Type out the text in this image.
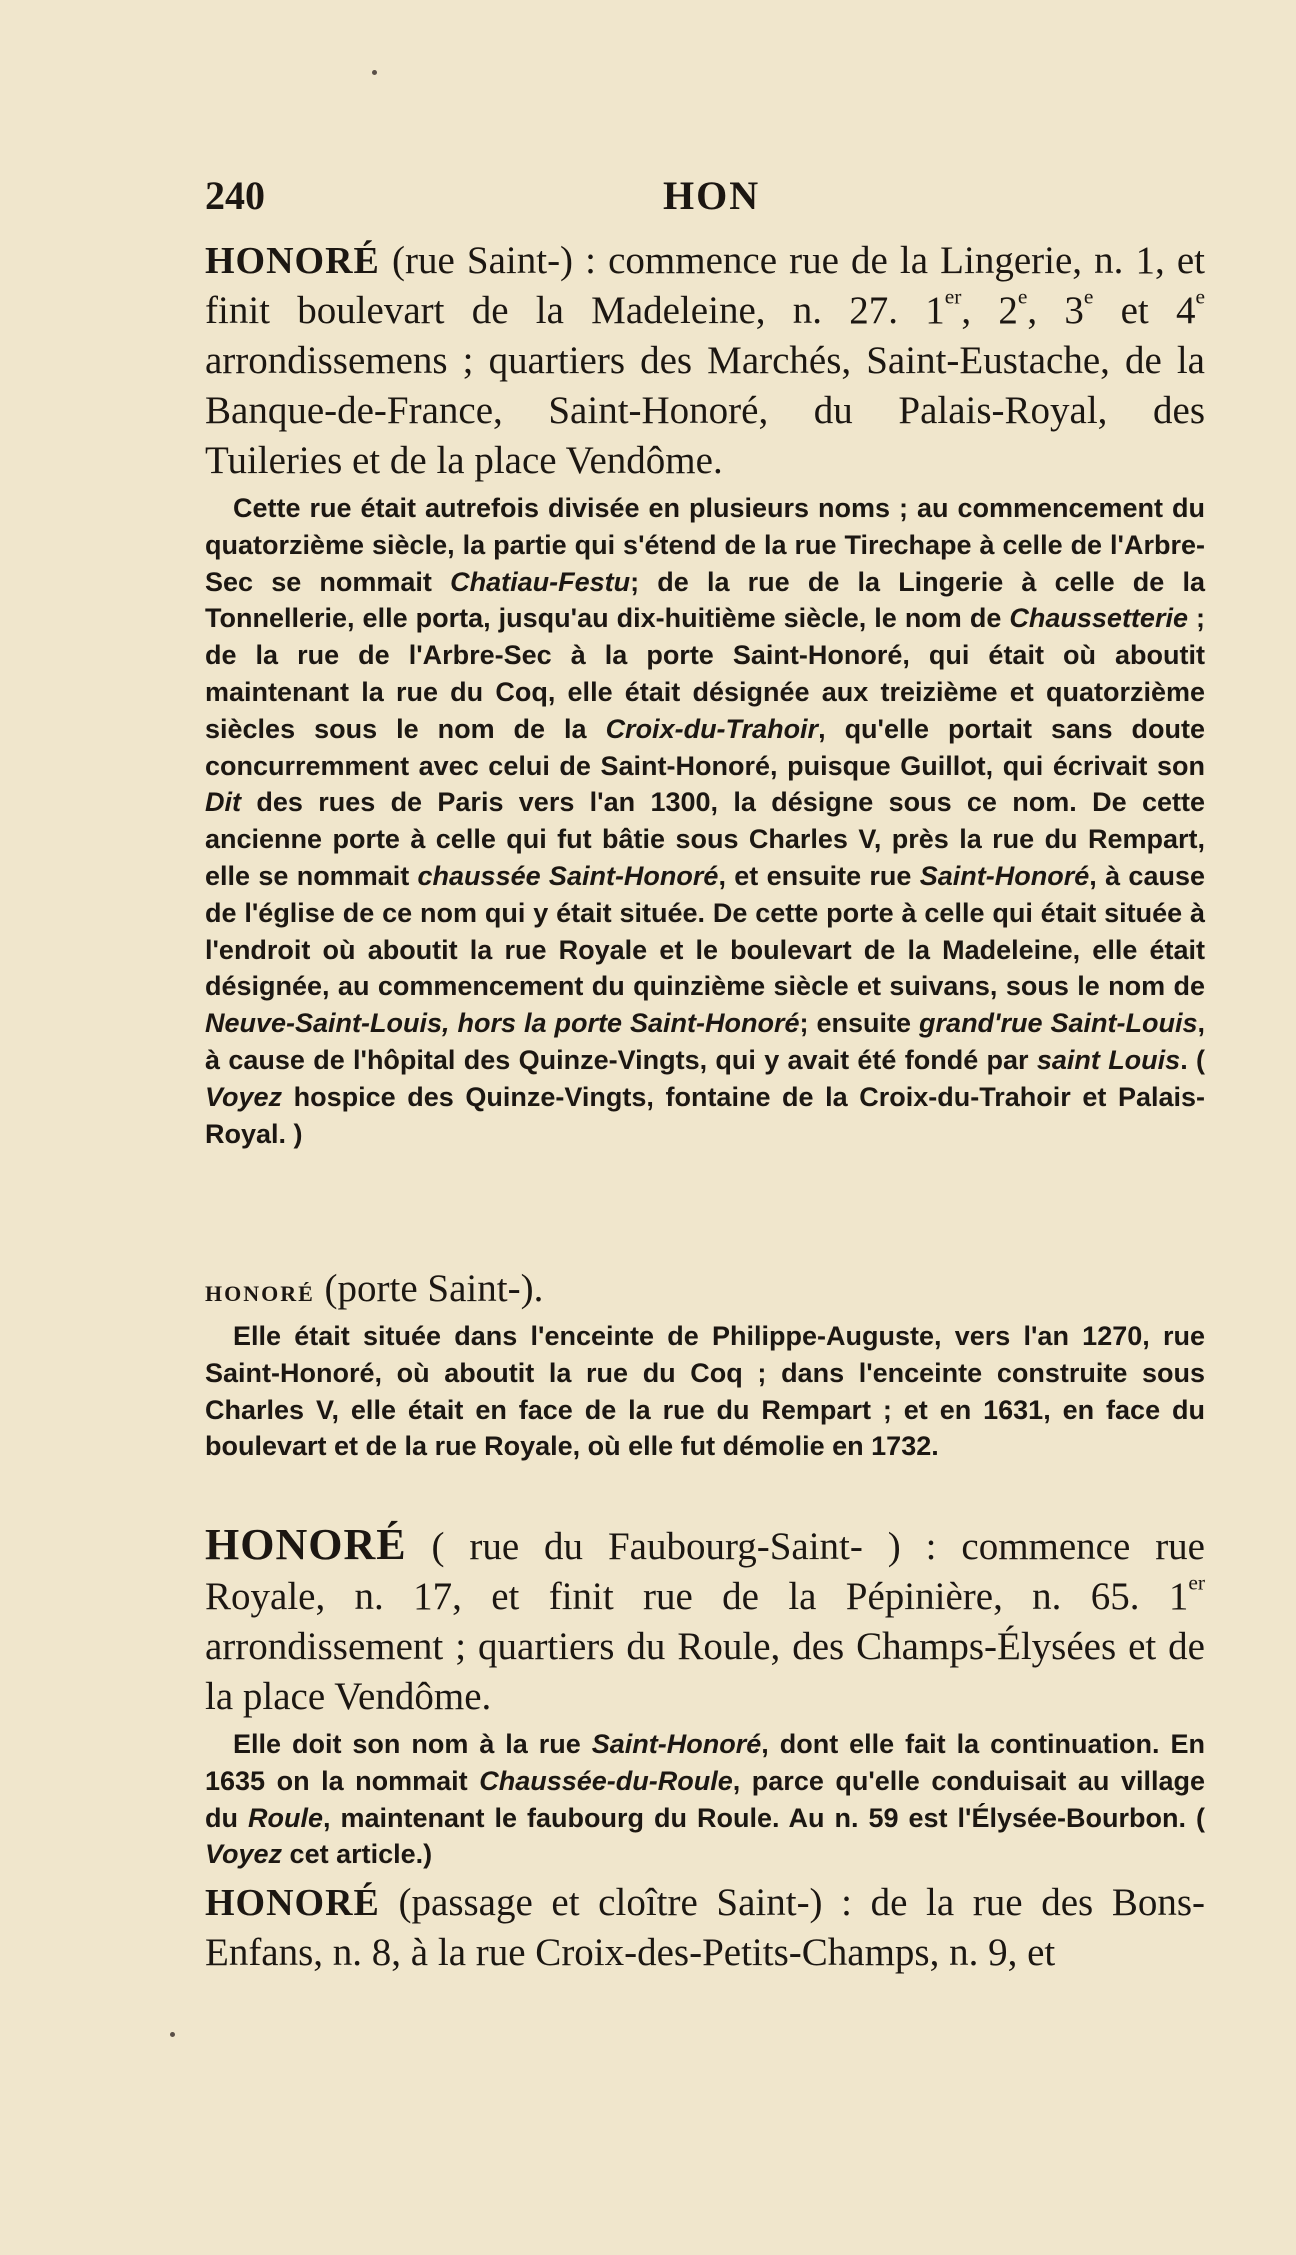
240	HON
HONORÉ (rue Saint-) : commence rue de la Lingerie, n. 1, et finit boulevart de la Madeleine, n. 27. 1er, 2e, 3e et 4e arrondissemens ; quartiers des Marchés, Saint-Eustache, de la Banque-de-France, Saint-Honoré, du Palais-Royal, des Tuileries et de la place Vendôme.
Cette rue était autrefois divisée en plusieurs noms ; au commencement du quatorzième siècle, la partie qui s'étend de la rue Tirechape à celle de l'Arbre-Sec se nommait Chatiau-Festu; de la rue de la Lingerie à celle de la Tonnellerie, elle porta, jusqu'au dix-huitième siècle, le nom de Chaussetterie ; de la rue de l'Arbre-Sec à la porte Saint-Honoré, qui était où aboutit maintenant la rue du Coq, elle était désignée aux treizième et quatorzième siècles sous le nom de la Croix-du-Trahoir, qu'elle portait sans doute concurremment avec celui de Saint-Honoré, puisque Guillot, qui écrivait son Dit des rues de Paris vers l'an 1300, la désigne sous ce nom. De cette ancienne porte à celle qui fut bâtie sous Charles V, près la rue du Rempart, elle se nommait chaussée Saint-Honoré, et ensuite rue Saint-Honoré, à cause de l'église de ce nom qui y était située. De cette porte à celle qui était située à l'endroit où aboutit la rue Royale et le boulevart de la Madeleine, elle était désignée, au commencement du quinzième siècle et suivans, sous le nom de Neuve-Saint-Louis, hors la porte Saint-Honoré; ensuite grand'rue Saint-Louis, à cause de l'hôpital des Quinze-Vingts, qui y avait été fondé par saint Louis. ( Voyez hospice des Quinze-Vingts, fontaine de la Croix-du-Trahoir et Palais-Royal. )
HONORÉ (porte Saint-).
Elle était située dans l'enceinte de Philippe-Auguste, vers l'an 1270, rue Saint-Honoré, où aboutit la rue du Coq ; dans l'enceinte construite sous Charles V, elle était en face de la rue du Rempart ; et en 1631, en face du boulevart et de la rue Royale, où elle fut démolie en 1732.
HONORÉ ( rue du Faubourg-Saint- ) : commence rue Royale, n. 17, et finit rue de la Pépinière, n. 65. 1er arrondissement ; quartiers du Roule, des Champs-Élysées et de la place Vendôme.
Elle doit son nom à la rue Saint-Honoré, dont elle fait la continuation. En 1635 on la nommait Chaussée-du-Roule, parce qu'elle conduisait au village du Roule, maintenant le faubourg du Roule. Au n. 59 est l'Élysée-Bourbon. ( Voyez cet article.)
HONORÉ (passage et cloître Saint-) : de la rue des Bons-Enfans, n. 8, à la rue Croix-des-Petits-Champs, n. 9, et
